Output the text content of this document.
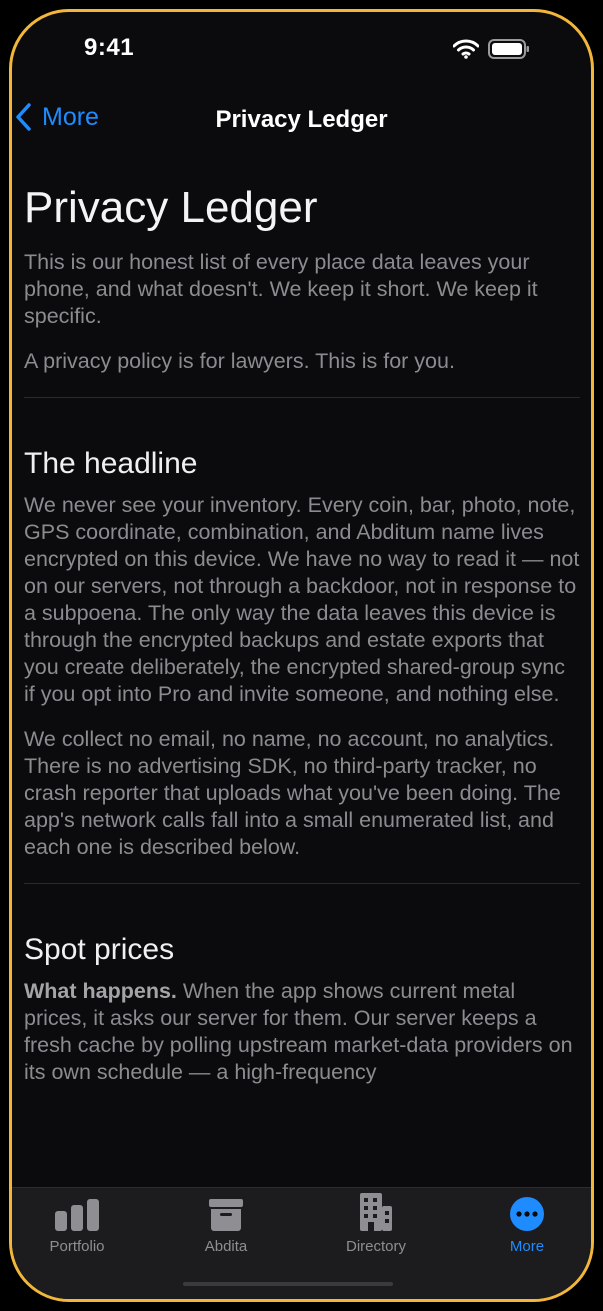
9:41
More	Privacy Ledger
Privacy Ledger

This is our honest list of every place data leaves your phone, and what doesn't. We keep it short. We keep it specific.

A privacy policy is for lawyers. This is for you.

The headline

We never see your inventory. Every coin, bar, photo, note, GPS coordinate, combination, and Abditum name lives encrypted on this device. We have no way to read it — not on our servers, not through a backdoor, not in response to a subpoena. The only way the data leaves this device is through the encrypted backups and estate exports that you create deliberately, the encrypted shared-group sync if you opt into Pro and invite someone, and nothing else.

We collect no email, no name, no account, no analytics. There is no advertising SDK, no third-party tracker, no crash reporter that uploads what you've been doing. The app's network calls fall into a small enumerated list, and each one is described below.

Spot prices

What happens. When the app shows current metal prices, it asks our server for them. Our server keeps a fresh cache by polling upstream market-data providers on its own schedule — a high-frequency

Portfolio	Abdita	Directory	More
